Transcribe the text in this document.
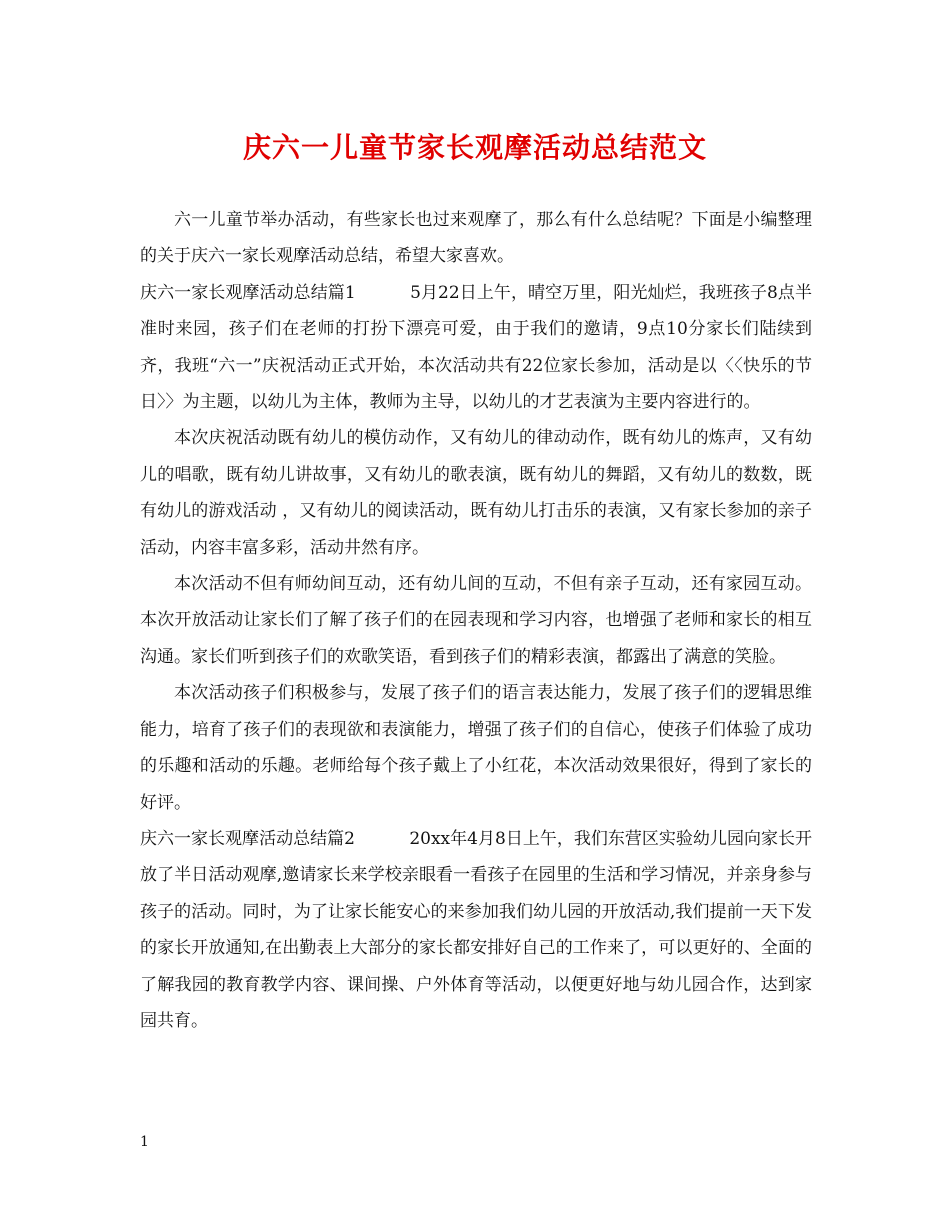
庆六一儿童节家长观摩活动总结范文

六一儿童节举办活动，有些家长也过来观摩了，那么有什么总结呢？下面是小编整理的关于庆六一家长观摩活动总结，希望大家喜欢。

庆六一家长观摩活动总结篇1	5月22日上午，晴空万里，阳光灿烂，我班孩子8点半准时来园，孩子们在老师的打扮下漂亮可爱，由于我们的邀请，9点10分家长们陆续到齐，我班“六一”庆祝活动正式开始，本次活动共有22位家长参加，活动是以〈〈快乐的节日〉〉为主题，以幼儿为主体，教师为主导，以幼儿的才艺表演为主要内容进行的。

本次庆祝活动既有幼儿的模仿动作，又有幼儿的律动动作，既有幼儿的炼声，又有幼儿的唱歌，既有幼儿讲故事，又有幼儿的歌表演，既有幼儿的舞蹈，又有幼儿的数数，既有幼儿的游戏活动 ，又有幼儿的阅读活动，既有幼儿打击乐的表演，又有家长参加的亲子活动，内容丰富多彩，活动井然有序。

本次活动不但有师幼间互动，还有幼儿间的互动，不但有亲子互动，还有家园互动。本次开放活动让家长们了解了孩子们的在园表现和学习内容，也增强了老师和家长的相互沟通。家长们听到孩子们的欢歌笑语，看到孩子们的精彩表演，都露出了满意的笑脸。

本次活动孩子们积极参与，发展了孩子们的语言表达能力，发展了孩子们的逻辑思维能力，培育了孩子们的表现欲和表演能力，增强了孩子们的自信心，使孩子们体验了成功的乐趣和活动的乐趣。老师给每个孩子戴上了小红花，本次活动效果很好，得到了家长的好评。

庆六一家长观摩活动总结篇2	20xx年4月8日上午，我们东营区实验幼儿园向家长开放了半日活动观摩,邀请家长来学校亲眼看一看孩子在园里的生活和学习情况，并亲身参与孩子的活动。同时，为了让家长能安心的来参加我们幼儿园的开放活动,我们提前一天下发的家长开放通知,在出勤表上大部分的家长都安排好自己的工作来了，可以更好的、全面的了解我园的教育教学内容、课间操、户外体育等活动，以便更好地与幼儿园合作，达到家园共育。

1
